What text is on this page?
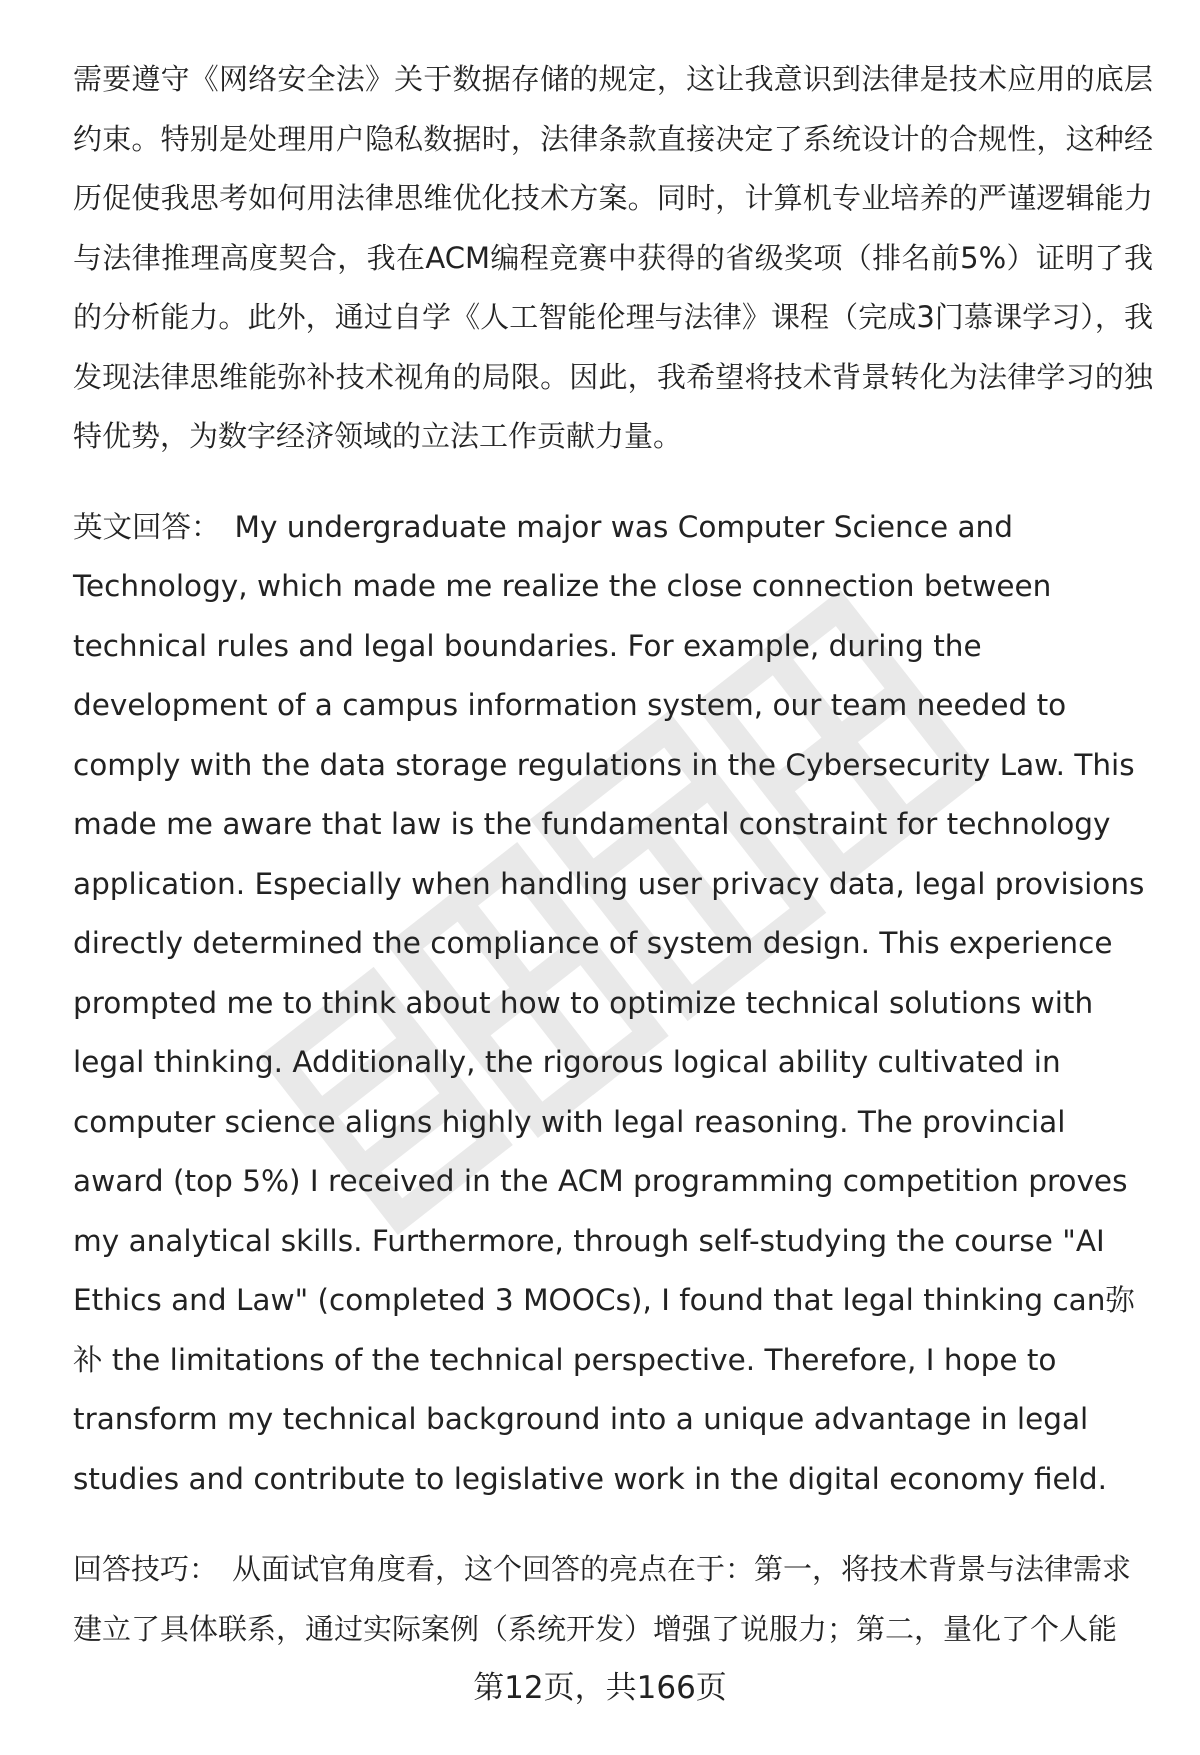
需要遵守《网络安全法》关于数据存储的规定，这让我意识到法律是技术应用的底层约束。特别是处理用户隐私数据时，法律条款直接决定了系统设计的合规性，这种经历促使我思考如何用法律思维优化技术方案。同时，计算机专业培养的严谨逻辑能力与法律推理高度契合，我在ACM编程竞赛中获得的省级奖项（排名前5%）证明了我的分析能力。此外，通过自学《人工智能伦理与法律》课程（完成3门慕课学习），我发现法律思维能弥补技术视角的局限。因此，我希望将技术背景转化为法律学习的独特优势，为数字经济领域的立法工作贡献力量。

英文回答： My undergraduate major was Computer Science and Technology, which made me realize the close connection between technical rules and legal boundaries. For example, during the development of a campus information system, our team needed to comply with the data storage regulations in the Cybersecurity Law. This made me aware that law is the fundamental constraint for technology application. Especially when handling user privacy data, legal provisions directly determined the compliance of system design. This experience prompted me to think about how to optimize technical solutions with legal thinking. Additionally, the rigorous logical ability cultivated in computer science aligns highly with legal reasoning. The provincial award (top 5%) I received in the ACM programming competition proves my analytical skills. Furthermore, through self-studying the course "AI Ethics and Law" (completed 3 MOOCs), I found that legal thinking can弥补 the limitations of the technical perspective. Therefore, I hope to transform my technical background into a unique advantage in legal studies and contribute to legislative work in the digital economy field.

回答技巧： 从面试官角度看，这个回答的亮点在于：第一，将技术背景与法律需求建立了具体联系，通过实际案例（系统开发）增强了说服力；第二，量化了个人能

第12页，共166页
